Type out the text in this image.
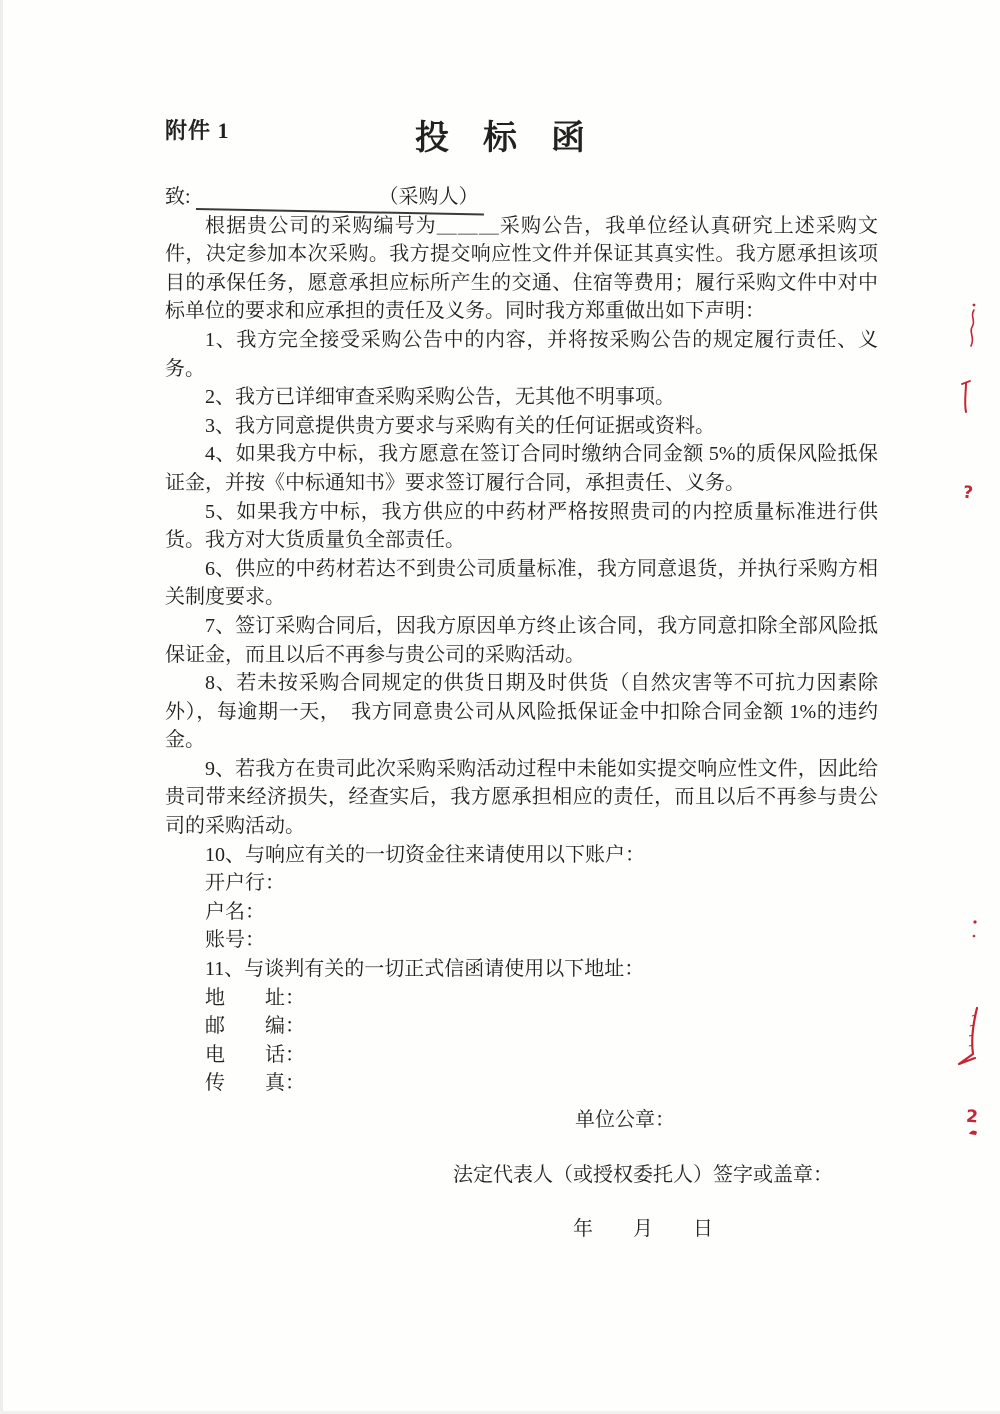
附件 1	投　标　函
致:	（采购人）

根据贵公司的采购编号为＿＿＿采购公告，我单位经认真研究上述采购文件，决定参加本次采购。我方提交响应性文件并保证其真实性。我方愿承担该项目的承保任务，愿意承担应标所产生的交通、住宿等费用；履行采购文件中对中标单位的要求和应承担的责任及义务。同时我方郑重做出如下声明：

1、我方完全接受采购公告中的内容，并将按采购公告的规定履行责任、义务。

2、我方已详细审查采购采购公告，无其他不明事项。

3、我方同意提供贵方要求与采购有关的任何证据或资料。

4、如果我方中标，我方愿意在签订合同时缴纳合同金额 5%的质保风险抵保证金，并按《中标通知书》要求签订履行合同，承担责任、义务。

5、如果我方中标，我方供应的中药材严格按照贵司的内控质量标准进行供货。我方对大货质量负全部责任。

6、供应的中药材若达不到贵公司质量标准，我方同意退货，并执行采购方相关制度要求。

7、签订采购合同后，因我方原因单方终止该合同，我方同意扣除全部风险抵保证金，而且以后不再参与贵公司的采购活动。

8、若未按采购合同规定的供货日期及时供货（自然灾害等不可抗力因素除外），每逾期一天，　我方同意贵公司从风险抵保证金中扣除合同金额 1%的违约金。

9、若我方在贵司此次采购采购活动过程中未能如实提交响应性文件，因此给贵司带来经济损失，经查实后，我方愿承担相应的责任，而且以后不再参与贵公司的采购活动。

10、与响应有关的一切资金往来请使用以下账户：

开户行：

户名：

账号：

11、与谈判有关的一切正式信函请使用以下地址：

地　　址：

邮　　编：

电　　话：

传　　真：

单位公章：

法定代表人（或授权委托人）签字或盖章：

年　　月　　日

?
2
